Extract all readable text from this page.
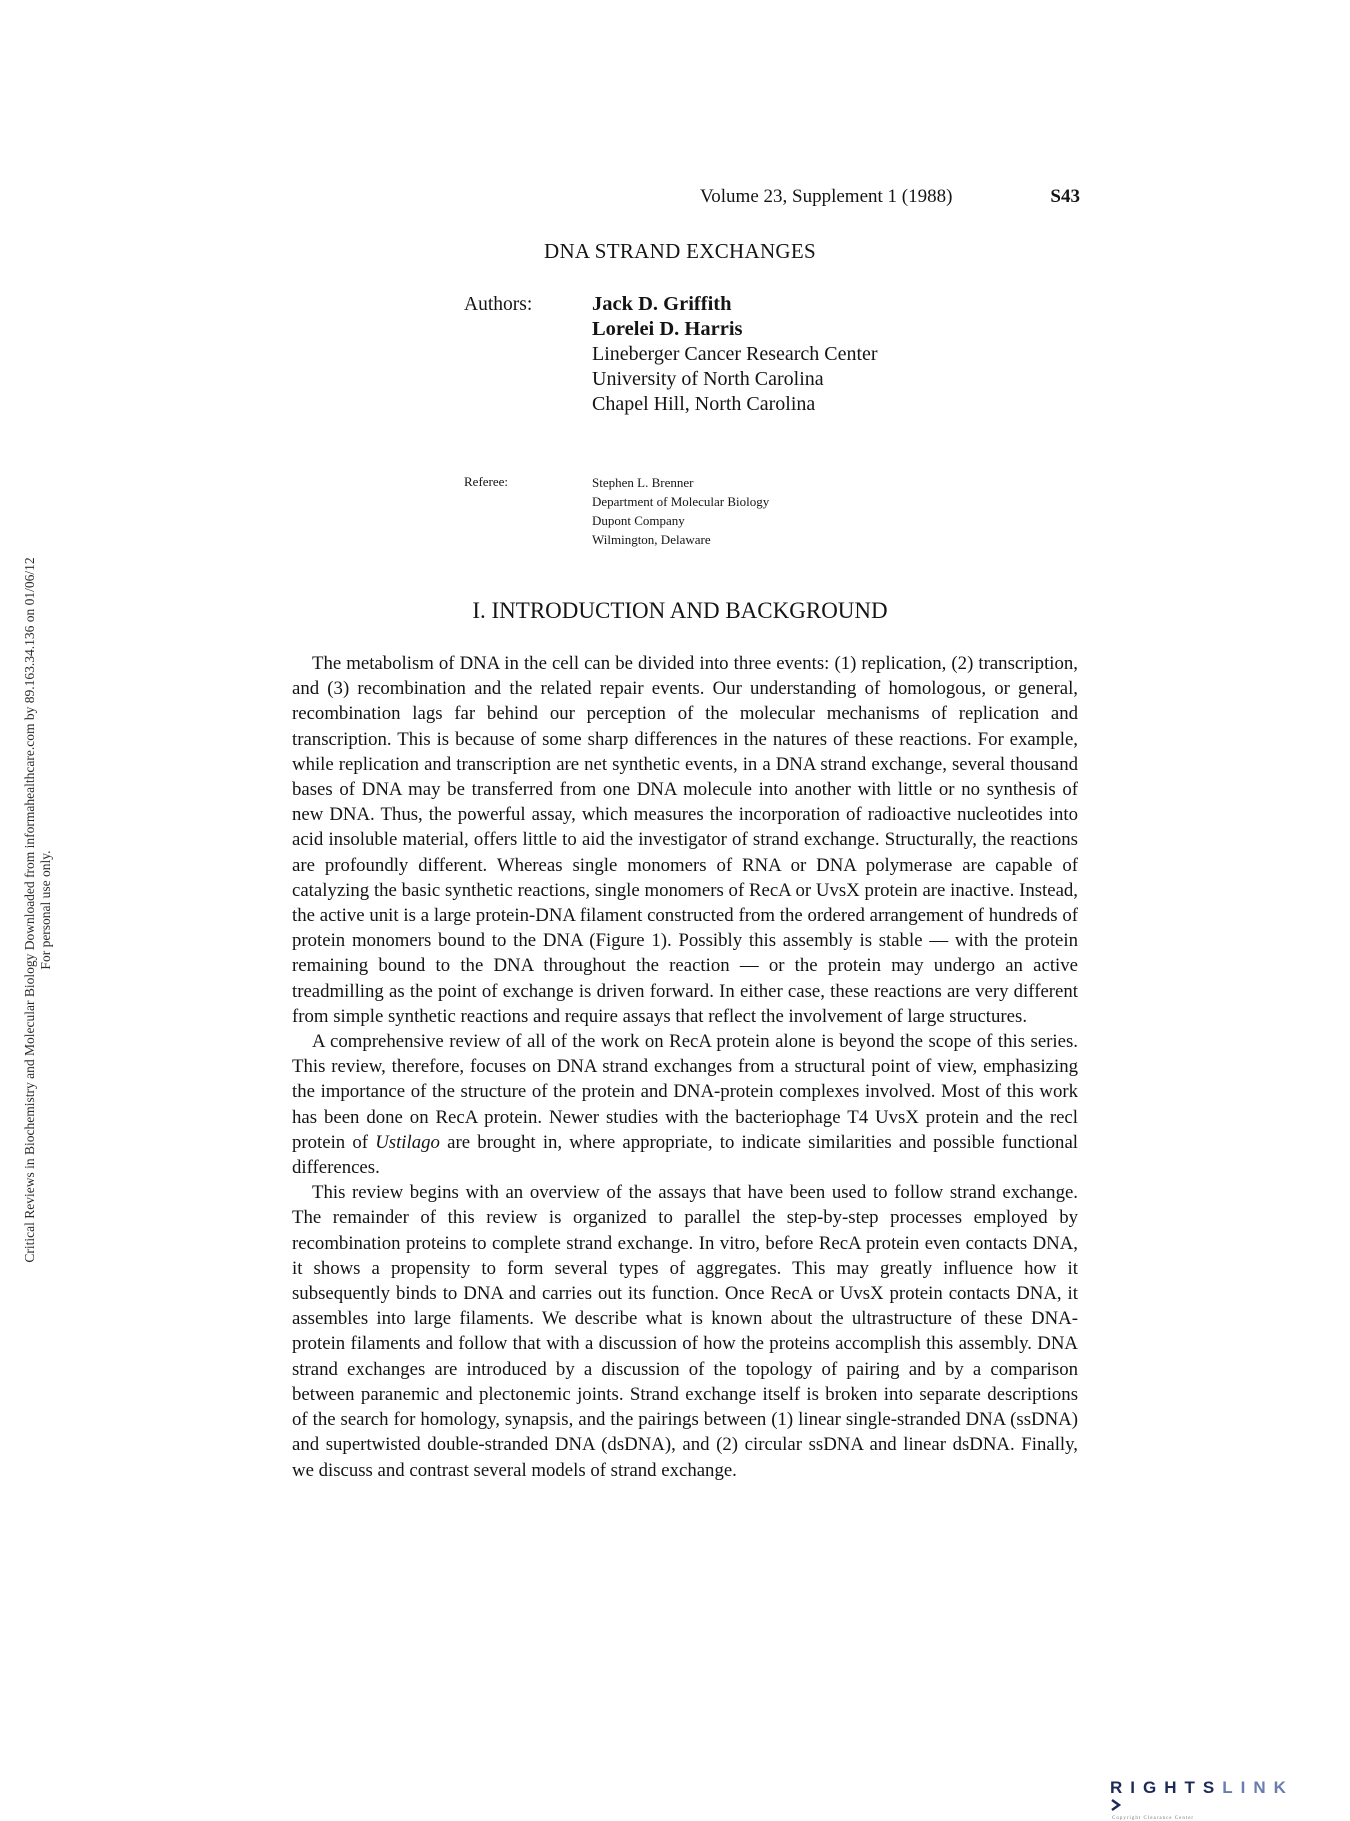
Volume 23, Supplement 1 (1988)	S43
DNA STRAND EXCHANGES
Authors:	Jack D. Griffith
Lorelei D. Harris
Lineberger Cancer Research Center
University of North Carolina
Chapel Hill, North Carolina
Referee:	Stephen L. Brenner
Department of Molecular Biology
Dupont Company
Wilmington, Delaware
I. INTRODUCTION AND BACKGROUND

The metabolism of DNA in the cell can be divided into three events: (1) replication, (2) transcription, and (3) recombination and the related repair events. Our understanding of homologous, or general, recombination lags far behind our perception of the molecular mechanisms of replication and transcription. This is because of some sharp differences in the natures of these reactions. For example, while replication and transcription are net synthetic events, in a DNA strand exchange, several thousand bases of DNA may be transferred from one DNA molecule into another with little or no synthesis of new DNA. Thus, the powerful assay, which measures the incorporation of radioactive nucleotides into acid insoluble material, offers little to aid the investigator of strand exchange. Structurally, the reactions are profoundly different. Whereas single monomers of RNA or DNA polymerase are capable of catalyzing the basic synthetic reactions, single monomers of RecA or UvsX protein are inactive. Instead, the active unit is a large protein-DNA filament constructed from the ordered arrangement of hundreds of protein monomers bound to the DNA (Figure 1). Possibly this assembly is stable — with the protein remaining bound to the DNA throughout the reaction — or the protein may undergo an active treadmilling as the point of exchange is driven forward. In either case, these reactions are very different from simple synthetic reactions and require assays that reflect the involvement of large structures.

A comprehensive review of all of the work on RecA protein alone is beyond the scope of this series. This review, therefore, focuses on DNA strand exchanges from a structural point of view, emphasizing the importance of the structure of the protein and DNA-protein complexes involved. Most of this work has been done on RecA protein. Newer studies with the bacteriophage T4 UvsX protein and the recl protein of Ustilago are brought in, where appropriate, to indicate similarities and possible functional differences.

This review begins with an overview of the assays that have been used to follow strand exchange. The remainder of this review is organized to parallel the step-by-step processes employed by recombination proteins to complete strand exchange. In vitro, before RecA protein even contacts DNA, it shows a propensity to form several types of aggregates. This may greatly influence how it subsequently binds to DNA and carries out its function. Once RecA or UvsX protein contacts DNA, it assembles into large filaments. We describe what is known about the ultrastructure of these DNA-protein filaments and follow that with a discussion of how the proteins accomplish this assembly. DNA strand exchanges are introduced by a discussion of the topology of pairing and by a comparison between paranemic and plectonemic joints. Strand exchange itself is broken into separate descriptions of the search for homology, synapsis, and the pairings between (1) linear single-stranded DNA (ssDNA) and supertwisted double-stranded DNA (dsDNA), and (2) circular ssDNA and linear dsDNA. Finally, we discuss and contrast several models of strand exchange.

Critical Reviews in Biochemistry and Molecular Biology Downloaded from informahealthcare.com by 89.163.34.136 on 01/06/12 For personal use only.
RIGHTSLINK
Copyright Clearance Center
